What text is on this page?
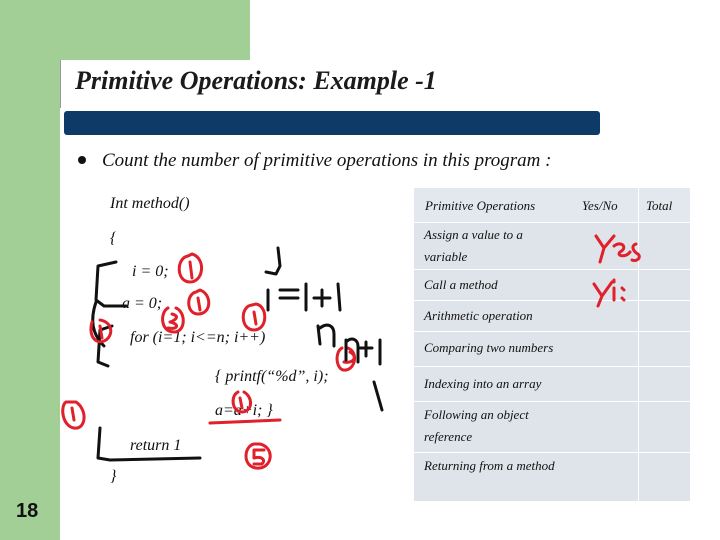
Primitive Operations: Example -1
Count the number of primitive operations in this program :
Int method()
{
i = 0;
a = 0;
for (i=1; i<=n; i++)
{ printf(“%d”, i);
a=a+i; }
return 1
}
Primitive Operations	Yes/No Total
Assign a value to a variable
Call a method
Arithmetic operation
Comparing two numbers
Indexing into an array
Following an object reference
Returning from a method
18
